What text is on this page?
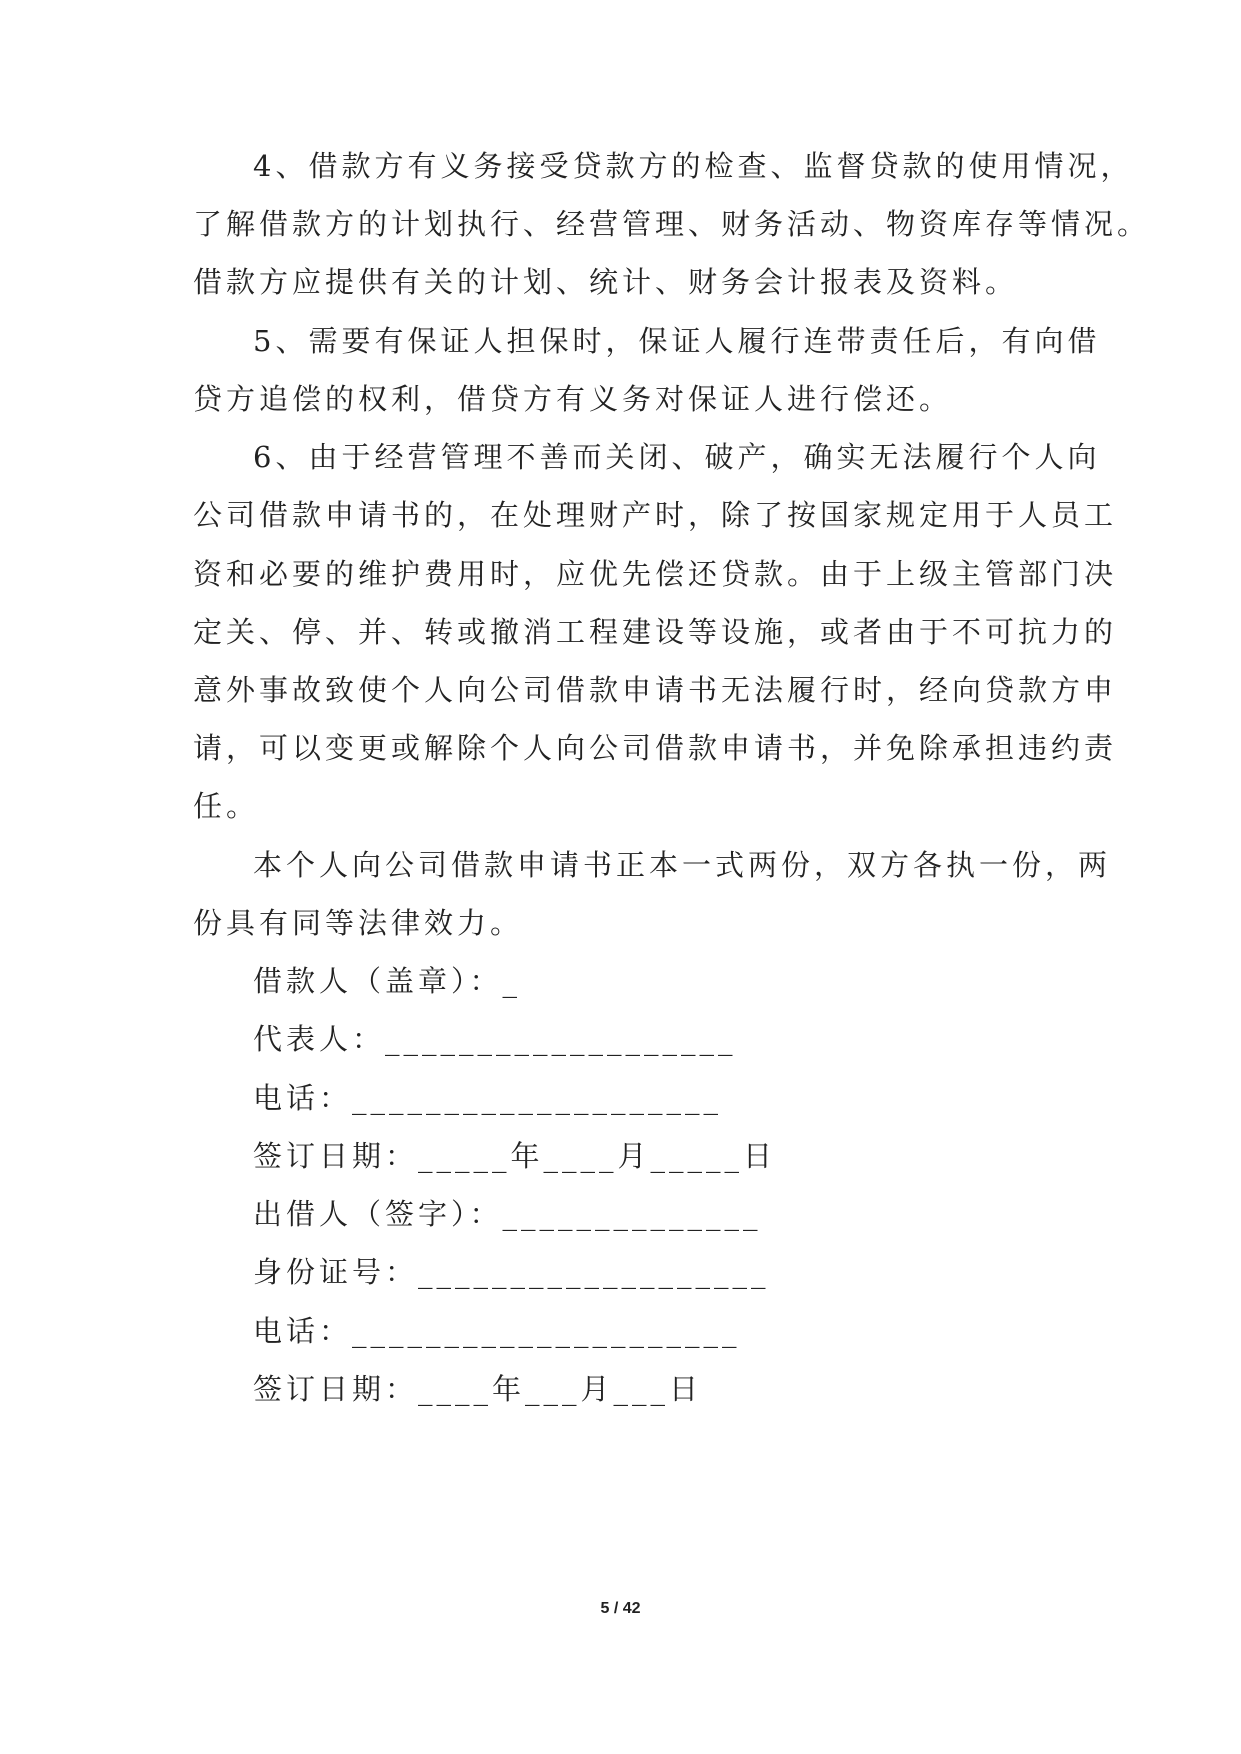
4、借款方有义务接受贷款方的检查、监督贷款的使用情况，
了解借款方的计划执行、经营管理、财务活动、物资库存等情况。
借款方应提供有关的计划、统计、财务会计报表及资料。
5、需要有保证人担保时，保证人履行连带责任后，有向借
贷方追偿的权利，借贷方有义务对保证人进行偿还。
6、由于经营管理不善而关闭、破产，确实无法履行个人向
公司借款申请书的，在处理财产时，除了按国家规定用于人员工
资和必要的维护费用时，应优先偿还贷款。由于上级主管部门决
定关、停、并、转或撤消工程建设等设施，或者由于不可抗力的
意外事故致使个人向公司借款申请书无法履行时，经向贷款方申
请，可以变更或解除个人向公司借款申请书，并免除承担违约责
任。
本个人向公司借款申请书正本一式两份，双方各执一份，两
份具有同等法律效力。
借款人（盖章）：_
代表人：___________________
电话：____________________
签订日期：_____年____月_____日
出借人（签字）：______________
身份证号：___________________
电话：_____________________
签订日期：____年___月___日
5 / 42
